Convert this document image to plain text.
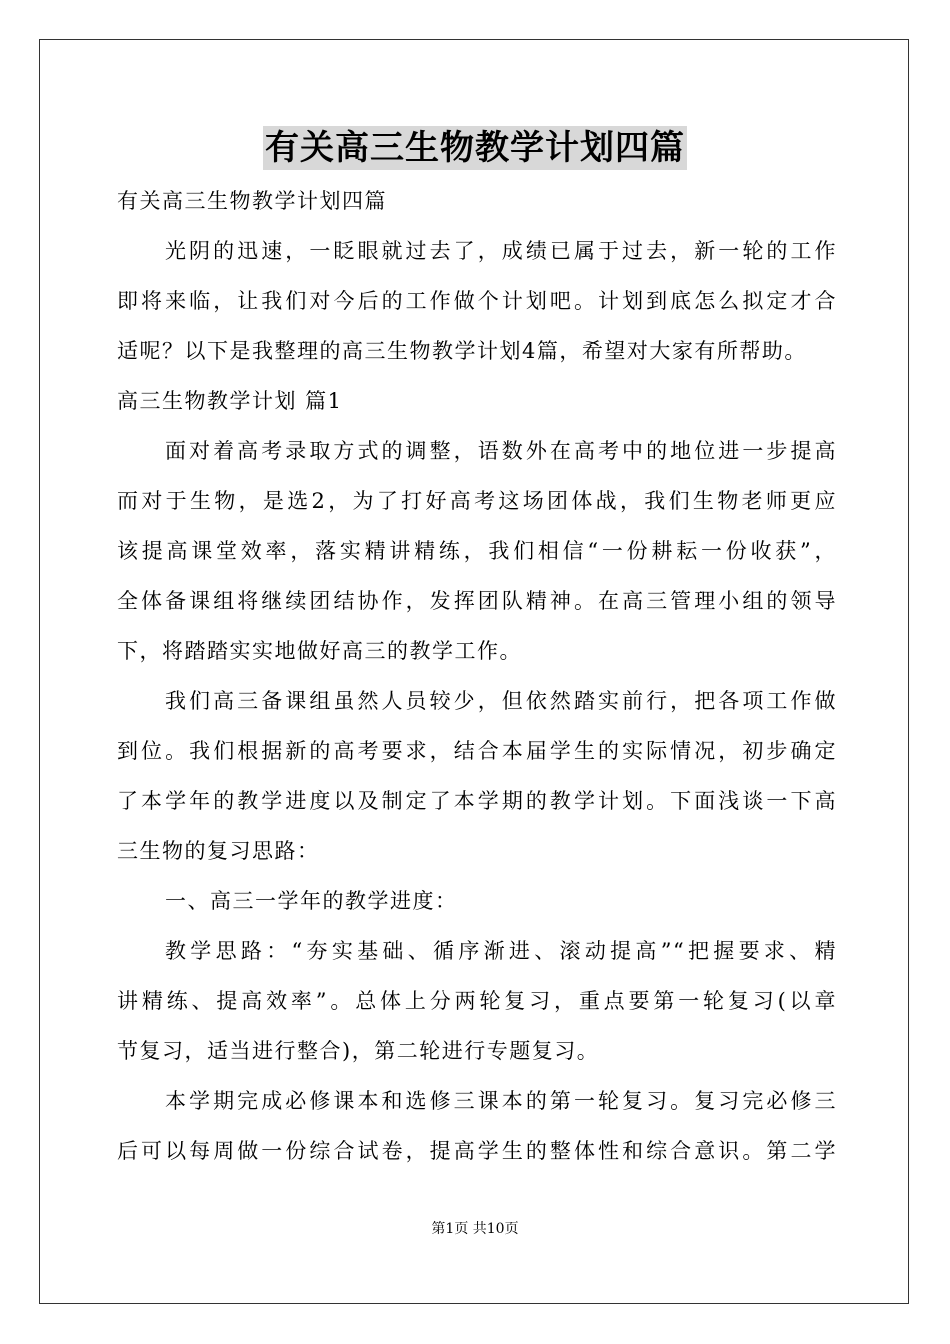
有关高三生物教学计划四篇
有关高三生物教学计划四篇
光阴的迅速，一眨眼就过去了，成绩已属于过去，新一轮的工作
即将来临，让我们对今后的工作做个计划吧。计划到底怎么拟定才合
适呢？以下是我整理的高三生物教学计划4篇，希望对大家有所帮助。
高三生物教学计划 篇1
面对着高考录取方式的调整，语数外在高考中的地位进一步提高
而对于生物，是选2，为了打好高考这场团体战，我们生物老师更应
该提高课堂效率，落实精讲精练，我们相信“一份耕耘一份收获”，
全体备课组将继续团结协作，发挥团队精神。在高三管理小组的领导
下，将踏踏实实地做好高三的教学工作。
我们高三备课组虽然人员较少，但依然踏实前行，把各项工作做
到位。我们根据新的高考要求，结合本届学生的实际情况，初步确定
了本学年的教学进度以及制定了本学期的教学计划。下面浅谈一下高
三生物的复习思路：
一、高三一学年的教学进度：
教学思路：“夯实基础、循序渐进、滚动提高”“把握要求、精
讲精练、提高效率”。总体上分两轮复习，重点要第一轮复习(以章
节复习，适当进行整合)，第二轮进行专题复习。
本学期完成必修课本和选修三课本的第一轮复习。复习完必修三
后可以每周做一份综合试卷，提高学生的整体性和综合意识。第二学
第1页 共10页
